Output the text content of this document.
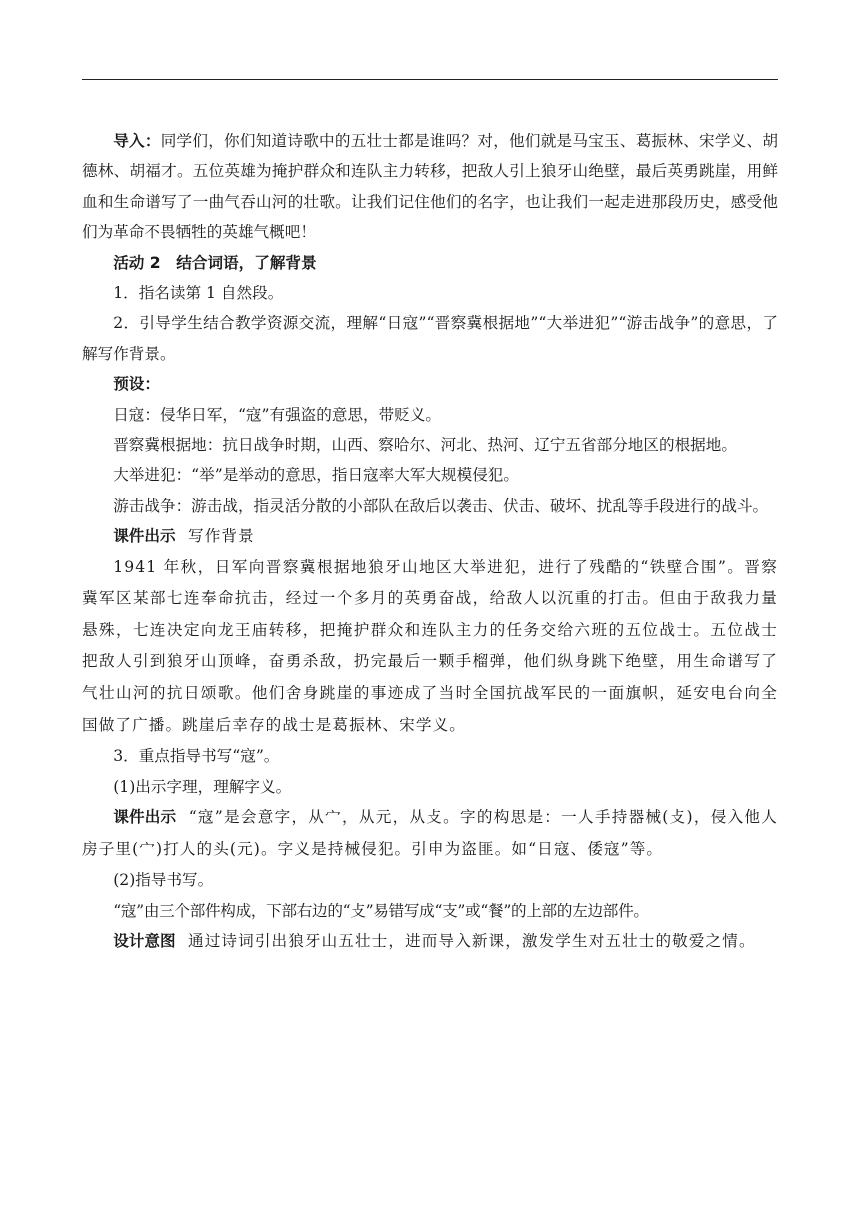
导入：同学们，你们知道诗歌中的五壮士都是谁吗？对，他们就是马宝玉、葛振林、宋学义、胡德林、胡福才。五位英雄为掩护群众和连队主力转移，把敌人引上狼牙山绝壁，最后英勇跳崖，用鲜血和生命谱写了一曲气吞山河的壮歌。让我们记住他们的名字，也让我们一起走进那段历史，感受他们为革命不畏牺牲的英雄气概吧！

活动 2 结合词语，了解背景

1．指名读第 1 自然段。

2．引导学生结合教学资源交流，理解“日寇”“晋察冀根据地”“大举进犯”“游击战争”的意思，了解写作背景。

预设：

日寇：侵华日军，“寇”有强盗的意思，带贬义。

晋察冀根据地：抗日战争时期，山西、察哈尔、河北、热河、辽宁五省部分地区的根据地。

大举进犯：“举”是举动的意思，指日寇率大军大规模侵犯。

游击战争：游击战，指灵活分散的小部队在敌后以袭击、伏击、破坏、扰乱等手段进行的战斗。

课件出示 写作背景

1941 年秋，日军向晋察冀根据地狼牙山地区大举进犯，进行了残酷的“铁壁合围”。晋察冀军区某部七连奉命抗击，经过一个多月的英勇奋战，给敌人以沉重的打击。但由于敌我力量悬殊，七连决定向龙王庙转移，把掩护群众和连队主力的任务交给六班的五位战士。五位战士把敌人引到狼牙山顶峰，奋勇杀敌，扔完最后一颗手榴弹，他们纵身跳下绝壁，用生命谱写了气壮山河的抗日颂歌。他们舍身跳崖的事迹成了当时全国抗战军民的一面旗帜，延安电台向全国做了广播。跳崖后幸存的战士是葛振林、宋学义。

3．重点指导书写“寇”。

(1)出示字理，理解字义。

课件出示 “寇”是会意字，从宀，从元，从攴。字的构思是：一人手持器械(攴)，侵入他人房子里(宀)打人的头(元)。字义是持械侵犯。引申为盗匪。如“日寇、倭寇”等。

(2)指导书写。

“寇”由三个部件构成，下部右边的“攴”易错写成“支”或“餐”的上部的左边部件。

设计意图 通过诗词引出狼牙山五壮士，进而导入新课，激发学生对五壮士的敬爱之情。
